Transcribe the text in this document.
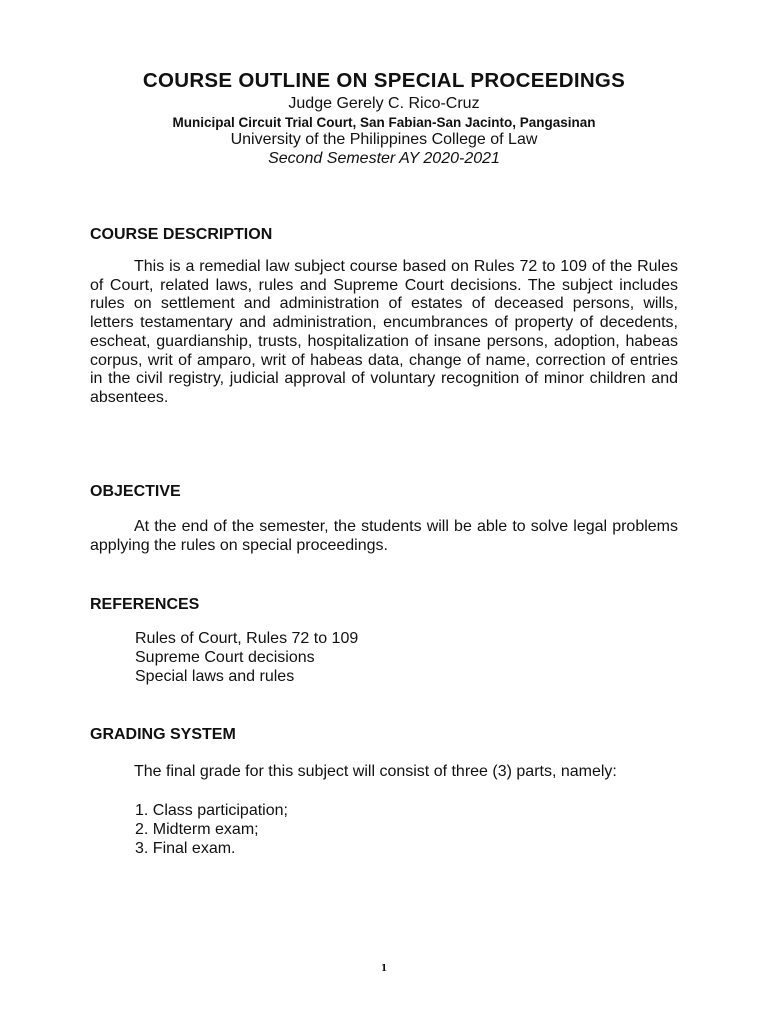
COURSE OUTLINE ON SPECIAL PROCEEDINGS
Judge Gerely C. Rico-Cruz
Municipal Circuit Trial Court, San Fabian-San Jacinto, Pangasinan
University of the Philippines College of Law
Second Semester AY 2020-2021
COURSE DESCRIPTION

This is a remedial law subject course based on Rules 72 to 109 of the Rules of Court, related laws, rules and Supreme Court decisions. The subject includes rules on settlement and administration of estates of deceased persons, wills, letters testamentary and administration, encumbrances of property of decedents, escheat, guardianship, trusts, hospitalization of insane persons, adoption, habeas corpus, writ of amparo, writ of habeas data, change of name, correction of entries in the civil registry, judicial approval of voluntary recognition of minor children and absentees.

OBJECTIVE

At the end of the semester, the students will be able to solve legal problems applying the rules on special proceedings.

REFERENCES
Rules of Court, Rules 72 to 109
Supreme Court decisions
Special laws and rules
GRADING SYSTEM

The final grade for this subject will consist of three (3) parts, namely:

1. Class participation;
2. Midterm exam;
3. Final exam.
1
